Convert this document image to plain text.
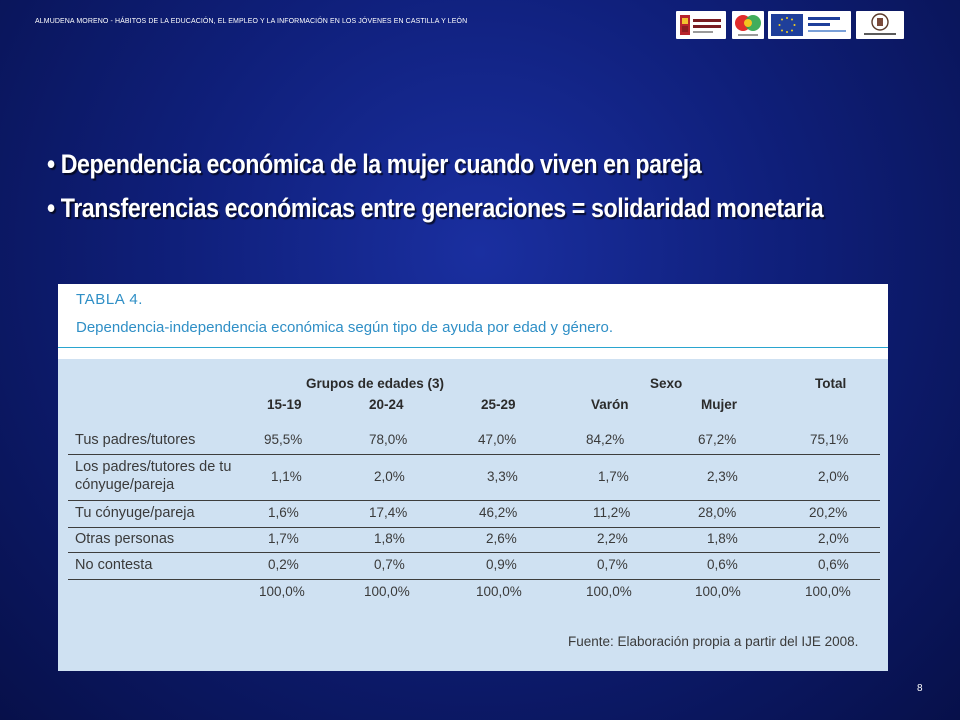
ALMUDENA MORENO - HÁBITOS DE LA EDUCACIÓN, EL EMPLEO Y LA INFORMACIÓN EN LOS JÓVENES EN CASTILLA Y LEÓN
• Dependencia económica de la mujer cuando viven en pareja
• Transferencias económicas entre generaciones = solidaridad monetaria
TABLA 4.
Dependencia-independencia económica según tipo de ayuda por edad y género.
Grupos de edades (3)	Sexo	Total
15-19	20-24	25-29	Varón	Mujer
Tus padres/tutores	95,5%	78,0%	47,0%	84,2%	67,2%	75,1%
Los padres/tutores de tu cónyuge/pareja
1,1%	2,0%	3,3%	1,7%	2,3%	2,0%
Tu cónyuge/pareja	1,6%	17,4%	46,2%	11,2%	28,0%	20,2%
Otras personas	1,7%	1,8%	2,6%	2,2%	1,8%	2,0%
No contesta	0,2%	0,7%	0,9%	0,7%	0,6%	0,6%
100,0%	100,0%	100,0%	100,0%	100,0%	100,0%
Fuente: Elaboración propia a partir del IJE 2008.
8
